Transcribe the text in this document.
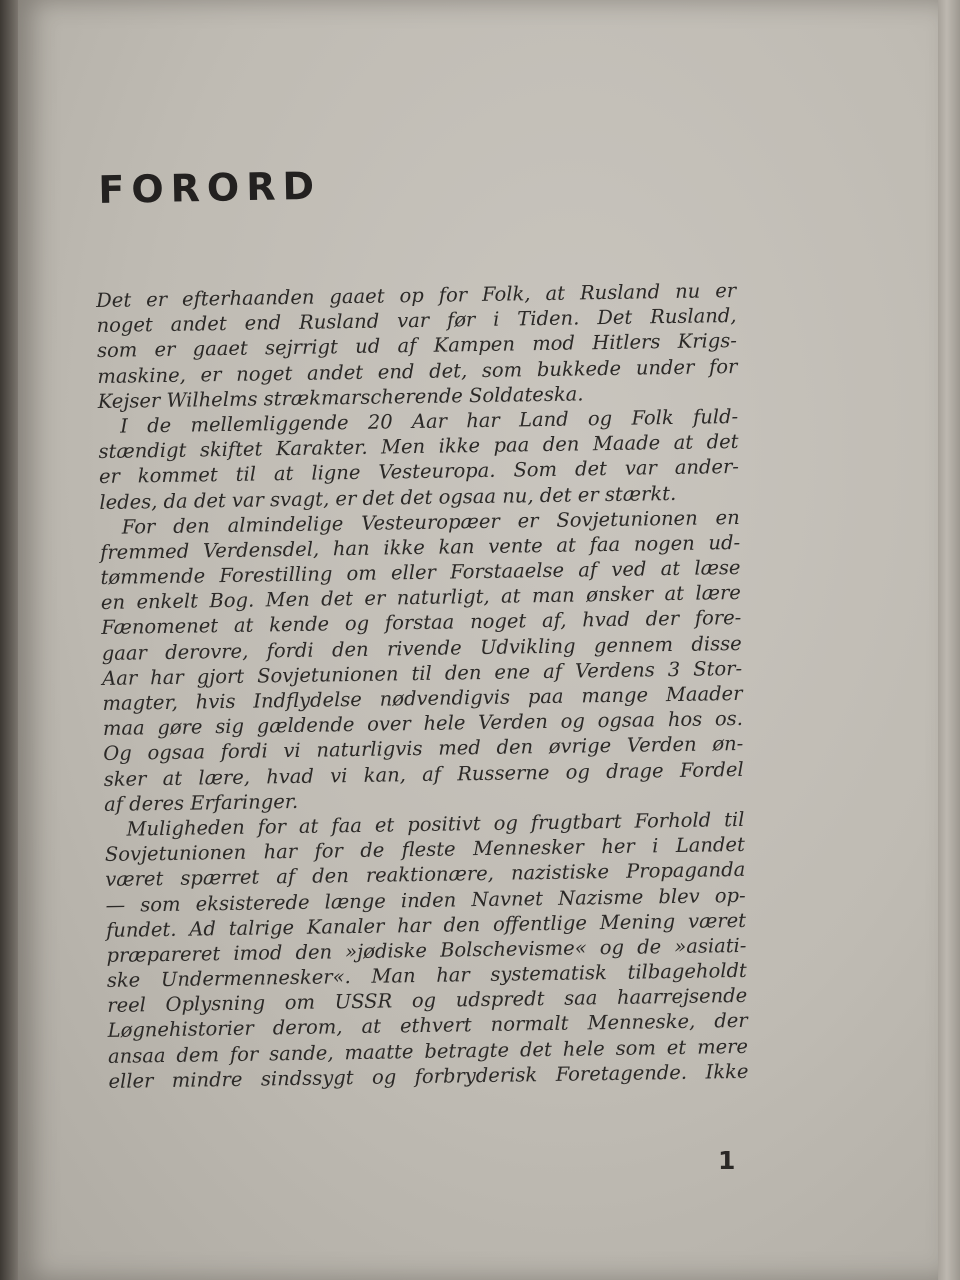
FORORD
Det er efterhaanden gaaet op for Folk, at Rusland nu er
noget andet end Rusland var før i Tiden. Det Rusland,
som er gaaet sejrrigt ud af Kampen mod Hitlers Krigs-
maskine, er noget andet end det, som bukkede under for
Kejser Wilhelms strækmarscherende Soldateska.
I de mellemliggende 20 Aar har Land og Folk fuld-
stændigt skiftet Karakter. Men ikke paa den Maade at det
er kommet til at ligne Vesteuropa. Som det var ander-
ledes, da det var svagt, er det det ogsaa nu, det er stærkt.
For den almindelige Vesteuropæer er Sovjetunionen en
fremmed Verdensdel, han ikke kan vente at faa nogen ud-
tømmende Forestilling om eller Forstaaelse af ved at læse
en enkelt Bog. Men det er naturligt, at man ønsker at lære
Fænomenet at kende og forstaa noget af, hvad der fore-
gaar derovre, fordi den rivende Udvikling gennem disse
Aar har gjort Sovjetunionen til den ene af Verdens 3 Stor-
magter, hvis Indflydelse nødvendigvis paa mange Maader
maa gøre sig gældende over hele Verden og ogsaa hos os.
Og ogsaa fordi vi naturligvis med den øvrige Verden øn-
sker at lære, hvad vi kan, af Russerne og drage Fordel
af deres Erfaringer.
Muligheden for at faa et positivt og frugtbart Forhold til
Sovjetunionen har for de fleste Mennesker her i Landet
været spærret af den reaktionære, nazistiske Propaganda
— som eksisterede længe inden Navnet Nazisme blev op-
fundet. Ad talrige Kanaler har den offentlige Mening været
præpareret imod den »jødiske Bolschevisme« og de »asiati-
ske Undermennesker«. Man har systematisk tilbageholdt
reel Oplysning om USSR og udspredt saa haarrejsende
Løgnehistorier derom, at ethvert normalt Menneske, der
ansaa dem for sande, maatte betragte det hele som et mere
eller mindre sindssygt og forbryderisk Foretagende. Ikke
1
